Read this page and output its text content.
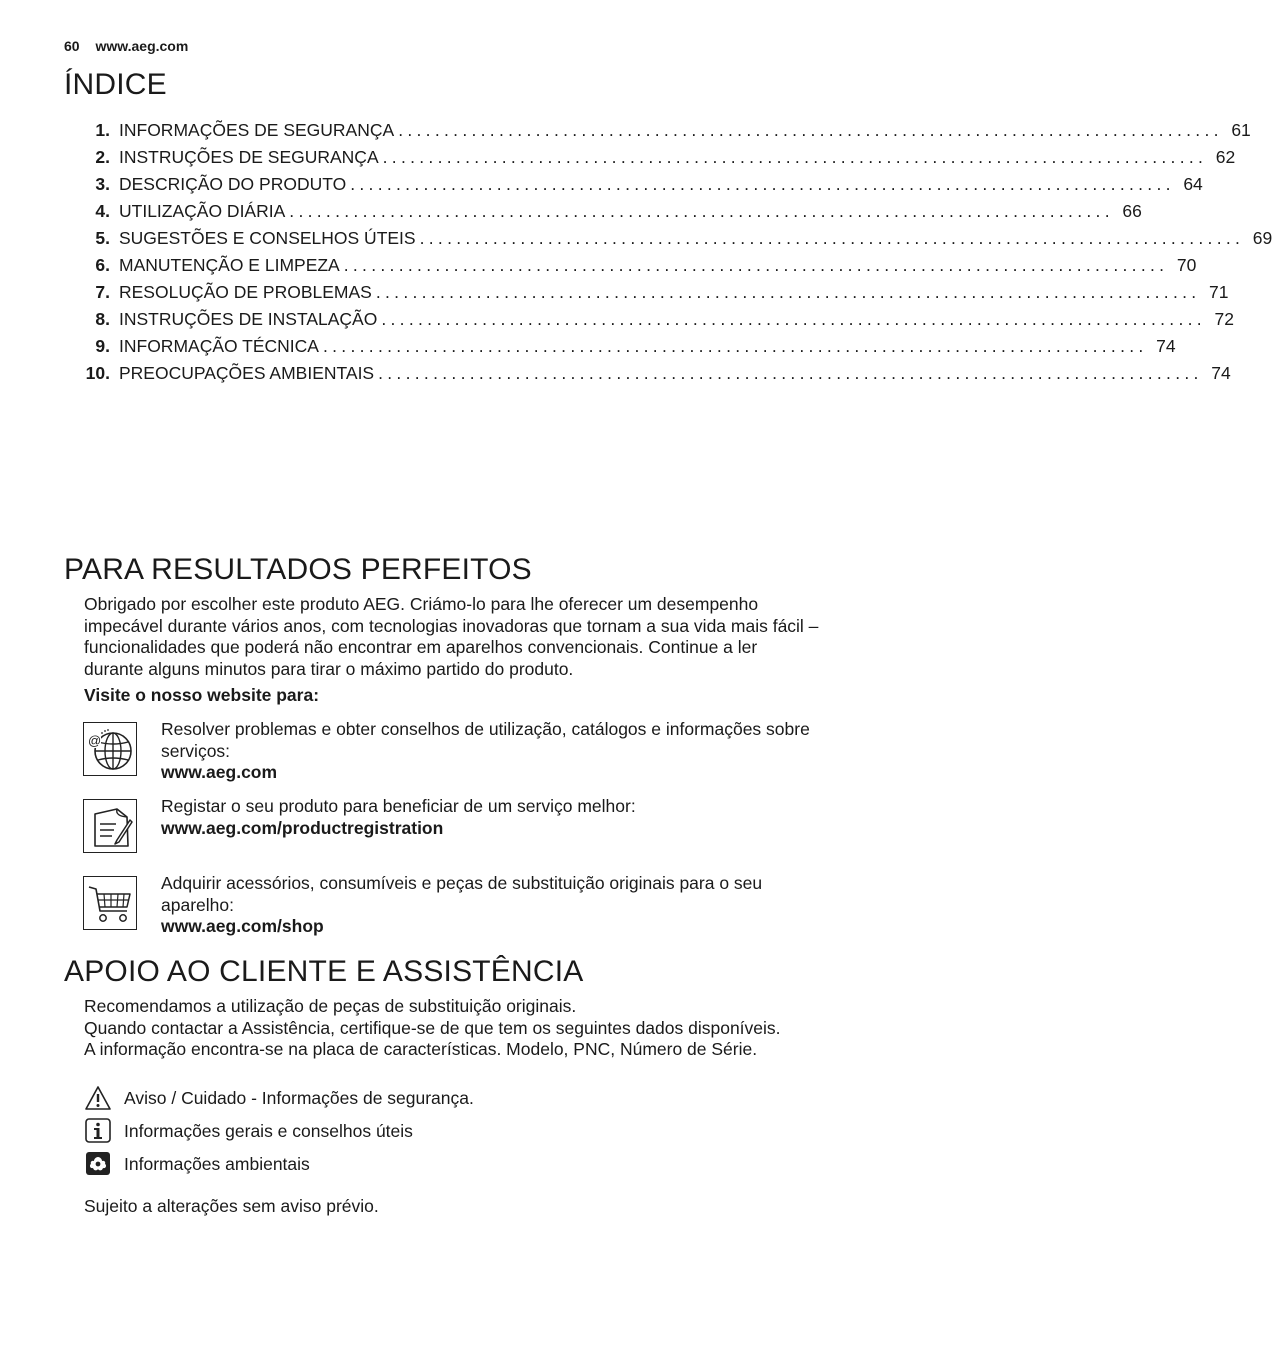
60 www.aeg.com
ÍNDICE
1. INFORMAÇÕES DE SEGURANÇA .......................................................................................... 61
2. INSTRUÇÕES DE SEGURANÇA .......................................................................................... 62
3. DESCRIÇÃO DO PRODUTO .......................................................................................... 64
4. UTILIZAÇÃO DIÁRIA .......................................................................................... 66
5. SUGESTÕES E CONSELHOS ÚTEIS .......................................................................................... 69
6. MANUTENÇÃO E LIMPEZA .......................................................................................... 70
7. RESOLUÇÃO DE PROBLEMAS .......................................................................................... 71
8. INSTRUÇÕES DE INSTALAÇÃO .......................................................................................... 72
9. INFORMAÇÃO TÉCNICA .......................................................................................... 74
10. PREOCUPAÇÕES AMBIENTAIS .......................................................................................... 74
PARA RESULTADOS PERFEITOS
Obrigado por escolher este produto AEG. Criámo-lo para lhe oferecer um desempenho
impecável durante vários anos, com tecnologias inovadoras que tornam a sua vida mais fácil –
funcionalidades que poderá não encontrar em aparelhos convencionais. Continue a ler
durante alguns minutos para tirar o máximo partido do produto.
Visite o nosso website para:
@
Resolver problemas e obter conselhos de utilização, catálogos e informações sobre
serviços:
www.aeg.com
Registar o seu produto para beneficiar de um serviço melhor:
www.aeg.com/productregistration
Adquirir acessórios, consumíveis e peças de substituição originais para o seu
aparelho:
www.aeg.com/shop
APOIO AO CLIENTE E ASSISTÊNCIA
Recomendamos a utilização de peças de substituição originais.
Quando contactar a Assistência, certifique-se de que tem os seguintes dados disponíveis.
A informação encontra-se na placa de características. Modelo, PNC, Número de Série.
Aviso / Cuidado - Informações de segurança.
Informações gerais e conselhos úteis
Informações ambientais
Sujeito a alterações sem aviso prévio.
